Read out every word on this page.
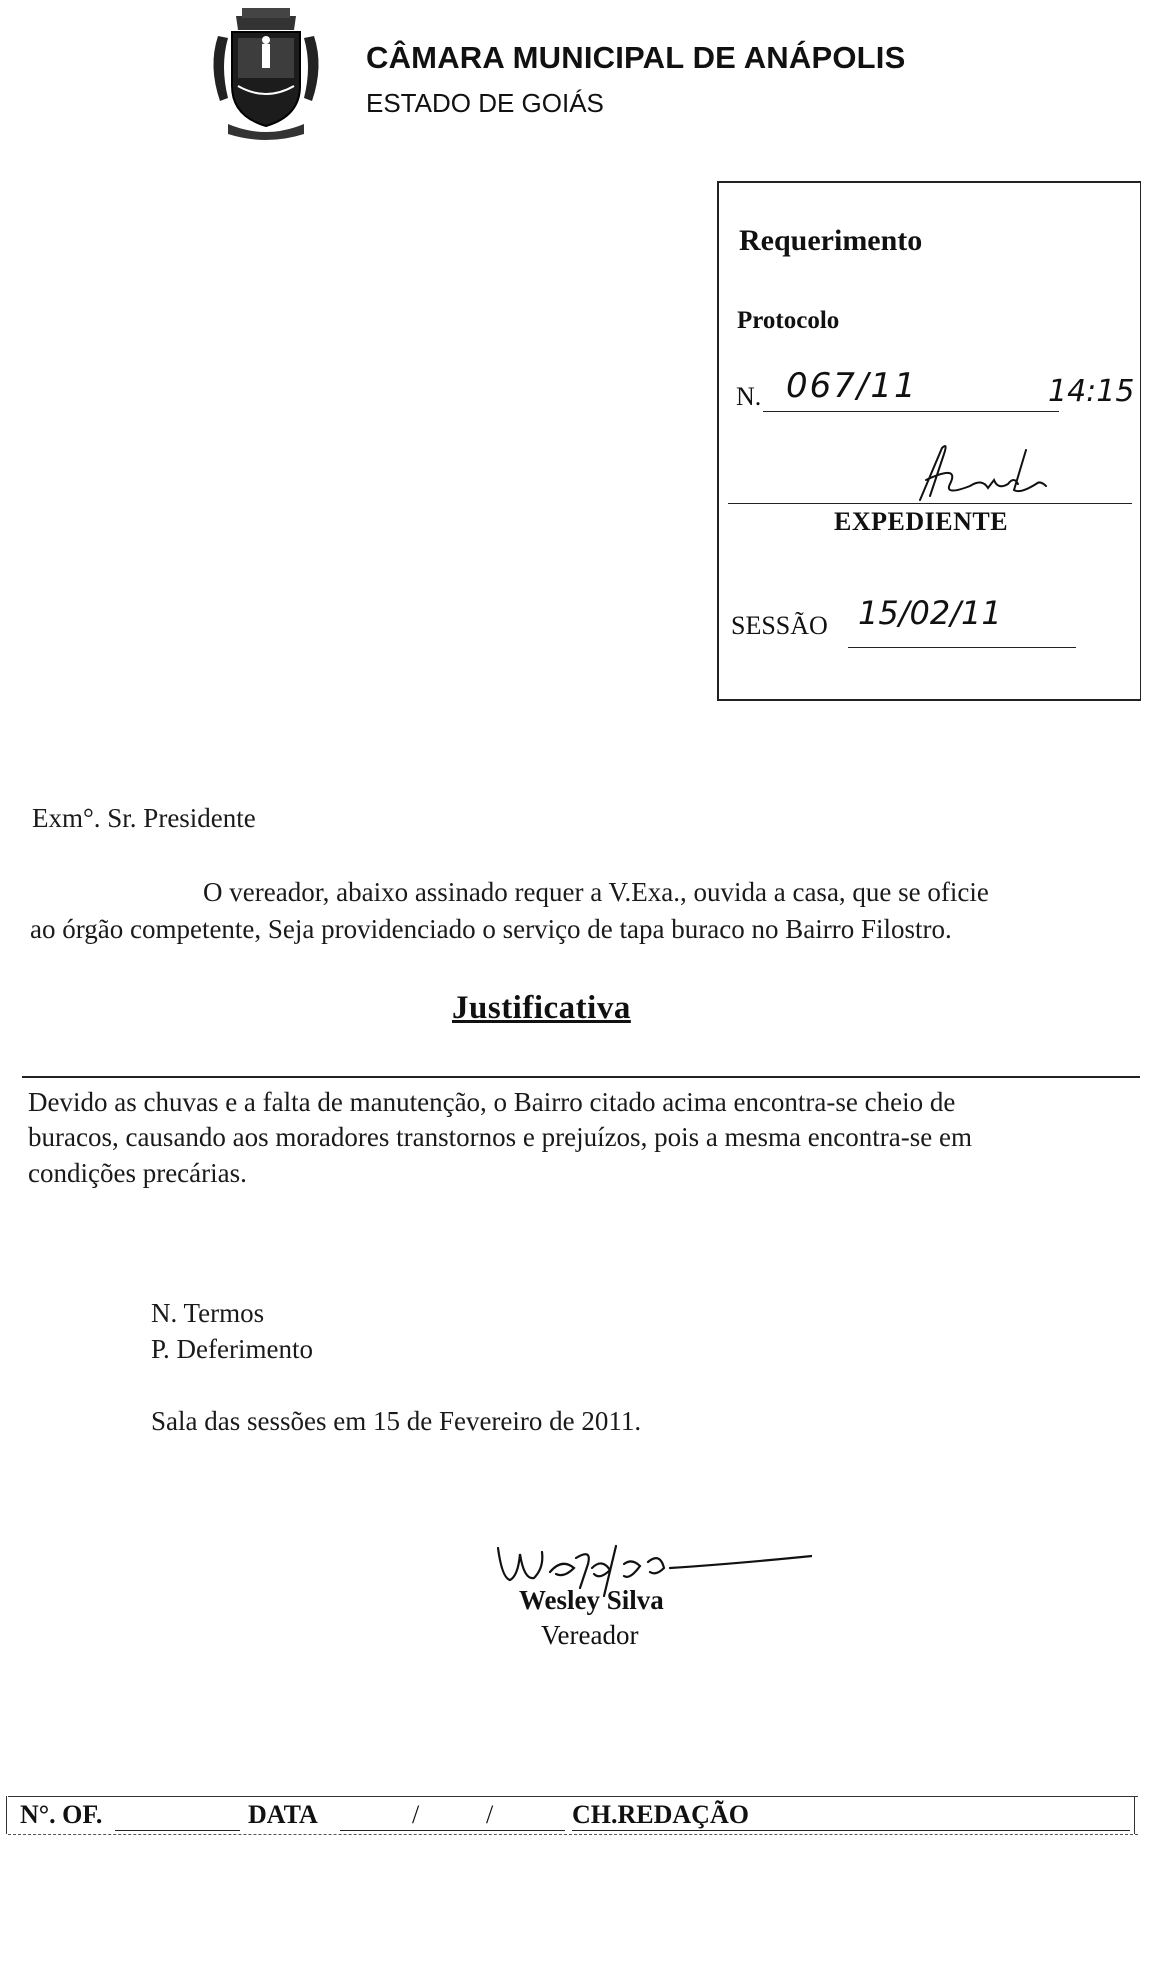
CÂMARA MUNICIPAL DE ANÁPOLIS
ESTADO DE GOIÁS
Requerimento
Protocolo
N. 067/11	14:15
EXPEDIENTE
SESSÃO 15/02/11
Exm°. Sr. Presidente
O vereador, abaixo assinado requer a V.Exa., ouvida a casa, que se oficie
ao órgão competente, Seja providenciado o serviço de tapa buraco no Bairro Filostro.
Justificativa
Devido as chuvas e a falta de manutenção, o Bairro citado acima encontra-se cheio de
buracos, causando aos moradores transtornos e prejuízos, pois a mesma encontra-se em
condições precárias.
N. Termos
P. Deferimento
Sala das sessões em 15 de Fevereiro de 2011.
Wesley Silva
Vereador
N°. OF.	DATA	/	/	CH.REDAÇÃO
